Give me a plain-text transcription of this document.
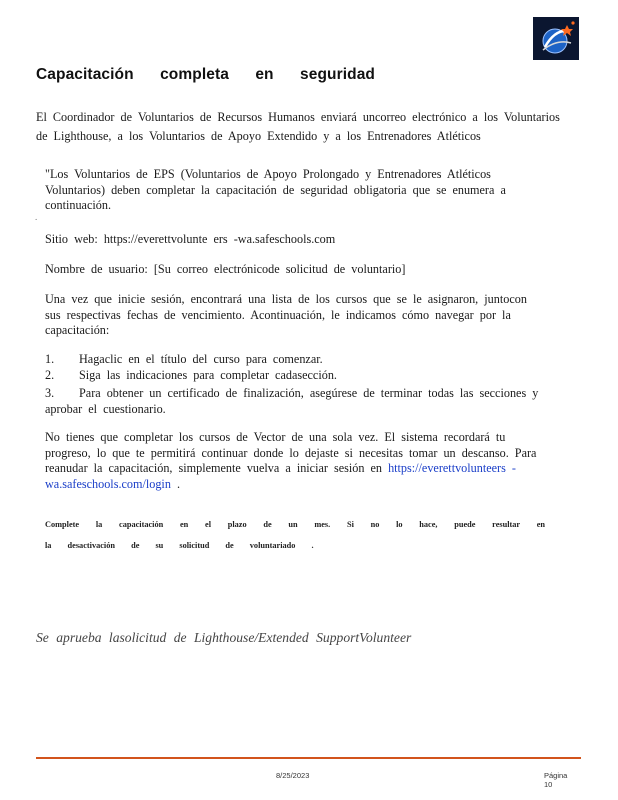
Capacitación completa en seguridad
El Coordinador de Voluntarios de Recursos Humanos enviará uncorreo electrónico a los Voluntarios de Lighthouse, a los Voluntarios de Apoyo Extendido y a los Entrenadores Atléticos
"Los Voluntarios de EPS (Voluntarios de Apoyo Prolongado y Entrenadores Atléticos Voluntarios) deben completar la capacitación de seguridad obligatoria que se enumera a continuación.
.
Sitio web: https://everettvolunte ers -wa.safeschools.com
Nombre de usuario: [Su correo electrónicode solicitud de voluntario]
Una vez que inicie sesión, encontrará una lista de los cursos que se le asignaron, juntocon sus respectivas fechas de vencimiento. Acontinuación, le indicamos cómo navegar por la capacitación:
1. Hagaclic en el título del curso para comenzar.
2. Siga las indicaciones para completar cadasección.
3. Para obtener un certificado de finalización, asegúrese de terminar todas las secciones y aprobar el cuestionario.
No tienes que completar los cursos de Vector de una sola vez. El sistema recordará tu progreso, lo que te permitirá continuar donde lo dejaste si necesitas tomar un descanso. Para reanudar la capacitación, simplemente vuelva a iniciar sesión en https://everettvolunteers -wa.safeschools.com/login .
Complete la capacitación en el plazo de un mes. Si no lo hace, puede resultar en la desactivación de su solicitud de voluntariado .
Se aprueba lasolicitud de Lighthouse/Extended SupportVolunteer
8/25/2023	Página
10
